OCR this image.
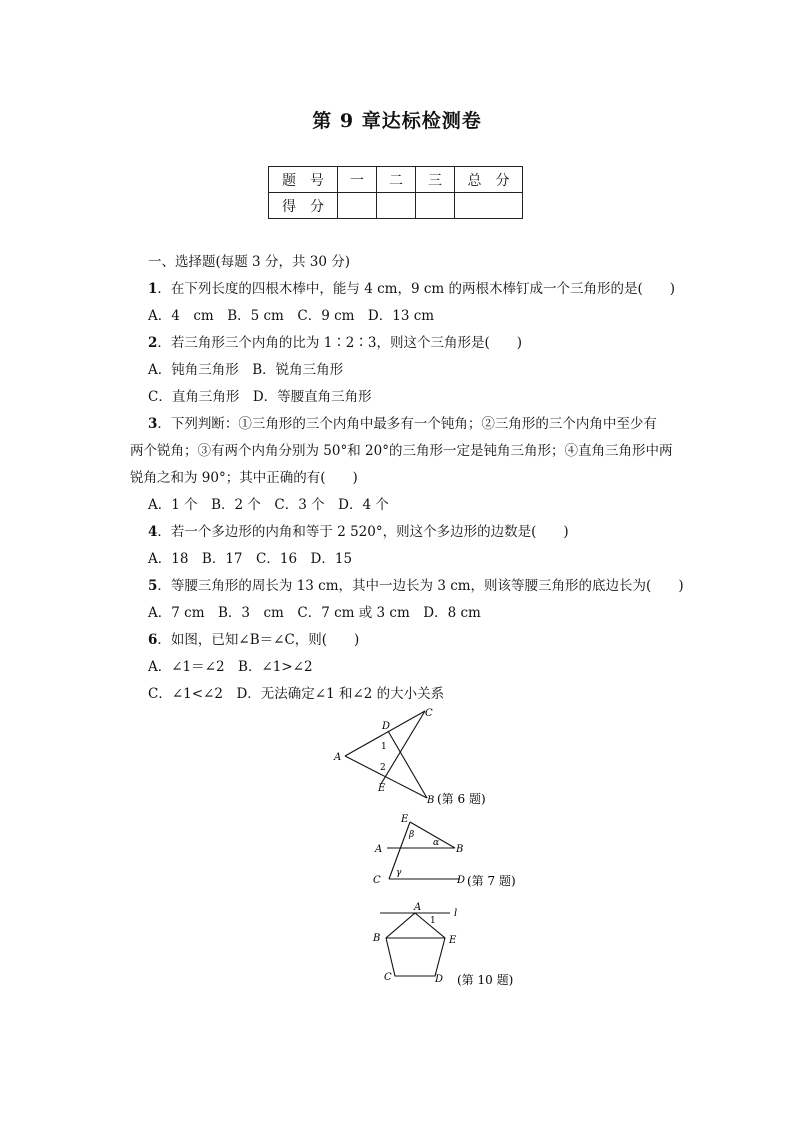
第 9 章达标检测卷
题　号	一	二	三	总　分
得　分				
一、选择题(每题 3 分，共 30 分)
1．在下列长度的四根木棒中，能与 4 cm，9 cm 的两根木棒钉成一个三角形的是(　　)
A．4　cm　B．5 cm　C．9 cm　D．13 cm
2．若三角形三个内角的比为 1∶2∶3，则这个三角形是(　　)
A．钝角三角形　B．锐角三角形
C．直角三角形　D．等腰直角三角形
3．下列判断：①三角形的三个内角中最多有一个钝角；②三角形的三个内角中至少有
两个锐角；③有两个内角分别为 50°和 20°的三角形一定是钝角三角形；④直角三角形中两
锐角之和为 90°；其中正确的有(　　)
A．1 个　B．2 个　C．3 个　D．4 个
4．若一个多边形的内角和等于 2 520°，则这个多边形的边数是(　　)
A．18　B．17　C．16　D．15
5．等腰三角形的周长为 13 cm，其中一边长为 3 cm，则该等腰三角形的底边长为(　　)
A．7 cm　B．3　cm　C．7 cm 或 3 cm　D．8 cm
6．如图，已知∠B＝∠C，则(　　)
A．∠1＝∠2　B．∠1>∠2
C．∠1<∠2　D．无法确定∠1 和∠2 的大小关系
A
D
C
1
2
E
B (第 6 题)
E
β
α
A	B
γ
C	D (第 7 题)
A
l
1
B	E
C	D (第 10 题)
